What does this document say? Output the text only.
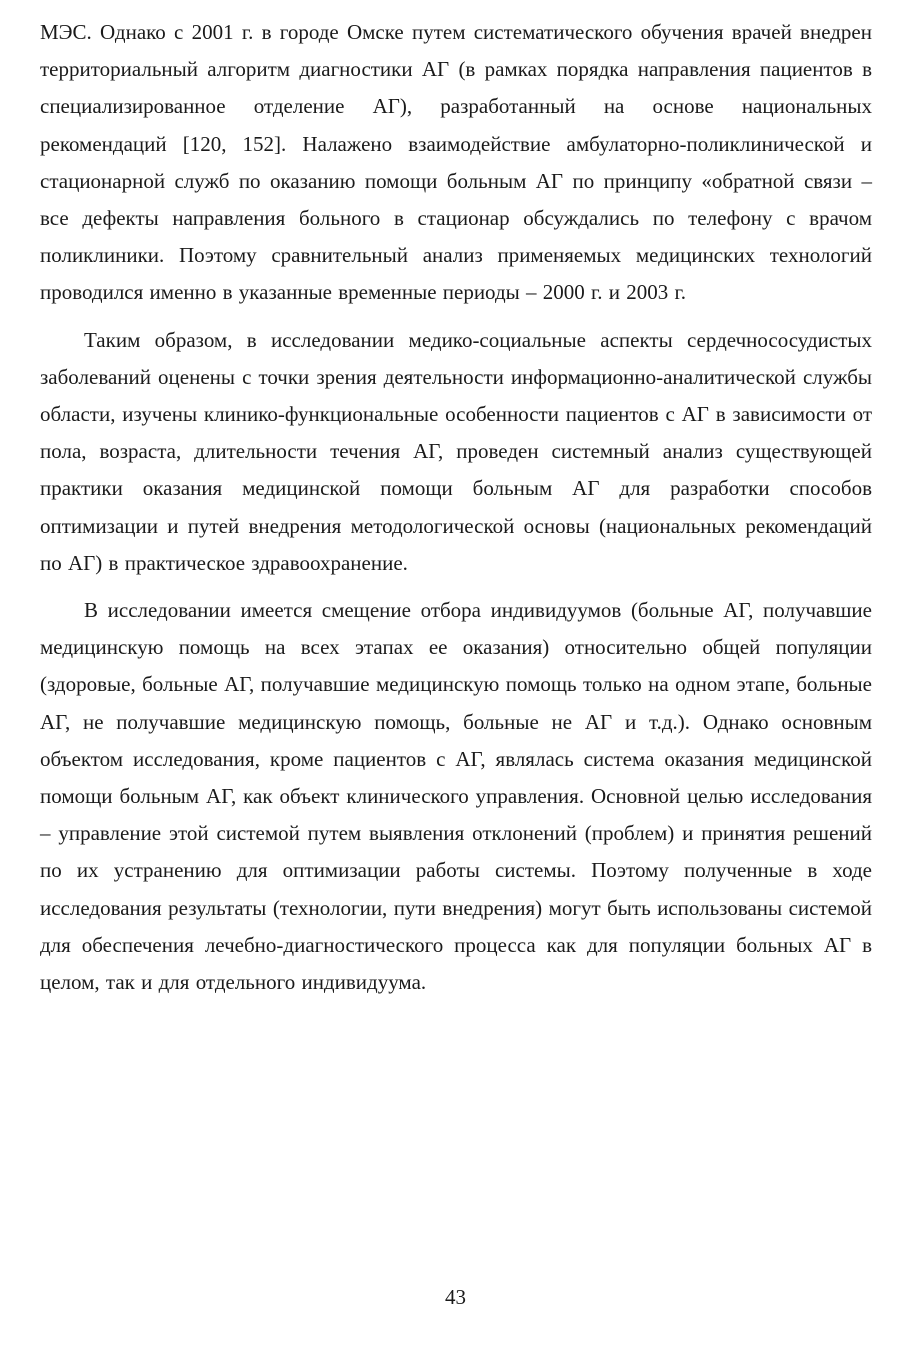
МЭС. Однако с 2001 г. в городе Омске путем систематического обучения врачей внедрен территориальный алгоритм диагностики АГ (в рамках порядка направления пациентов в специализированное отделение АГ), разработанный на основе национальных рекомендаций [120, 152]. Налажено взаимодействие амбулаторно-поликлинической и стационарной служб по оказанию помощи больным АГ по принципу «обратной связи – все дефекты направления больного в стационар обсуждались по телефону с врачом поликлиники. Поэтому сравнительный анализ применяемых медицинских технологий проводился именно в указанные временные периоды – 2000 г. и 2003 г.

Таким образом, в исследовании медико-социальные аспекты сердечнососудистых заболеваний оценены с точки зрения деятельности информационно-аналитической службы области, изучены клинико-функциональные особенности пациентов с АГ в зависимости от пола, возраста, длительности течения АГ, проведен системный анализ существующей практики оказания медицинской помощи больным АГ для разработки способов оптимизации и путей внедрения методологической основы (национальных рекомендаций по АГ) в практическое здравоохранение.

В исследовании имеется смещение отбора индивидуумов (больные АГ, получавшие медицинскую помощь на всех этапах ее оказания) относительно общей популяции (здоровые, больные АГ, получавшие медицинскую помощь только на одном этапе, больные АГ, не получавшие медицинскую помощь, больные не АГ и т.д.). Однако основным объектом исследования, кроме пациентов с АГ, являлась система оказания медицинской помощи больным АГ, как объект клинического управления. Основной целью исследования – управление этой системой путем выявления отклонений (проблем) и принятия решений по их устранению для оптимизации работы системы. Поэтому полученные в ходе исследования результаты (технологии, пути внедрения) могут быть использованы системой для обеспечения лечебно-диагностического процесса как для популяции больных АГ в целом, так и для отдельного индивидуума.

43
